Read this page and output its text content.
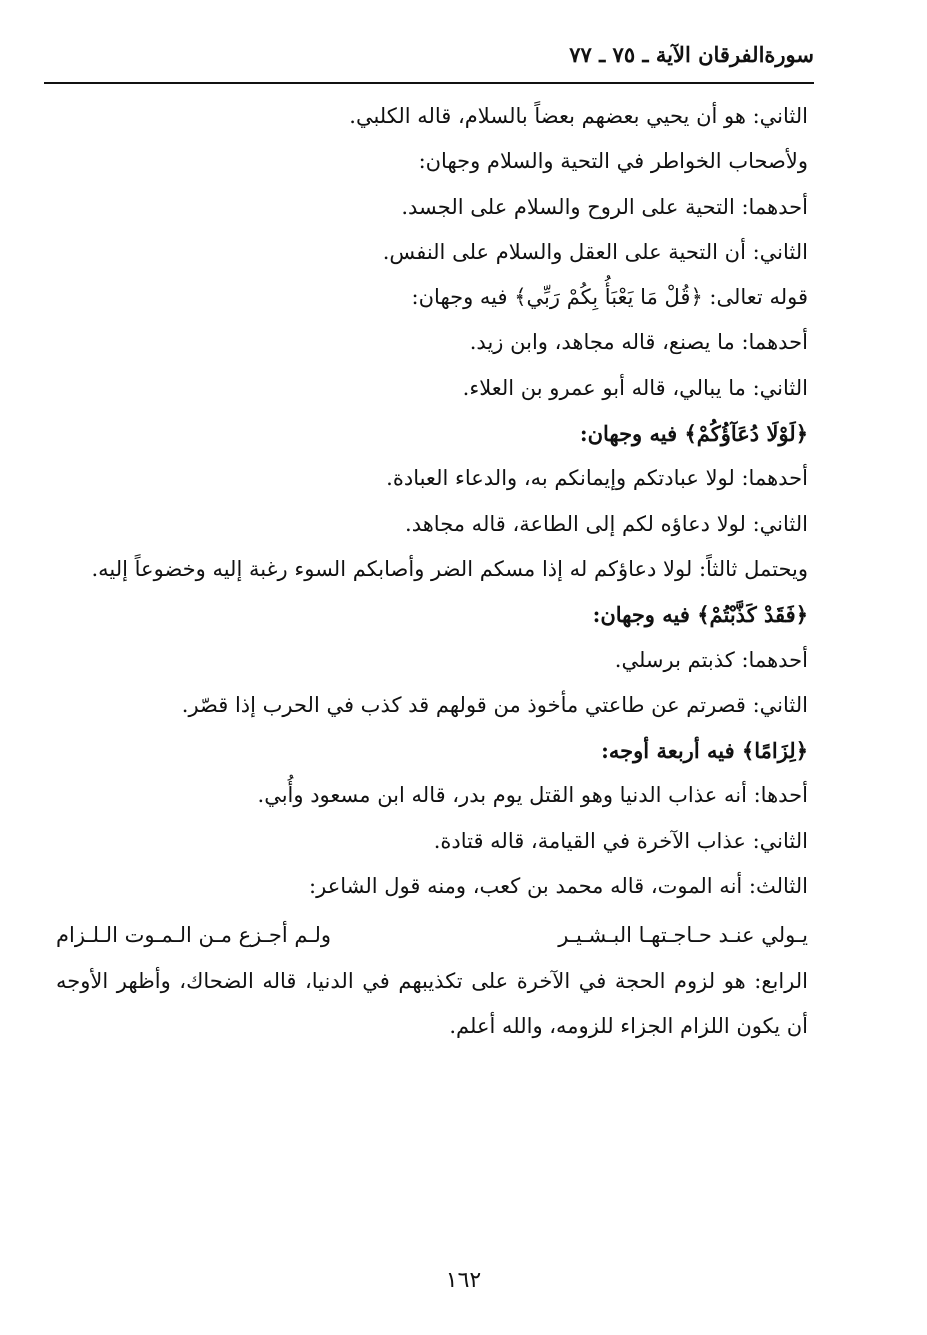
سورةالفرقان الآية ـ ٧٥ ـ ٧٧
الثاني: هو أن يحيي بعضهم بعضاً بالسلام، قاله الكلبي.
ولأصحاب الخواطر في التحية والسلام وجهان:
أحدهما: التحية على الروح والسلام على الجسد.
الثاني: أن التحية على العقل والسلام على النفس.
قوله تعالى: ﴿قُلْ مَا يَعْبَأُ بِكُمْ رَبِّي﴾ فيه وجهان:
أحدهما: ما يصنع، قاله مجاهد، وابن زيد.
الثاني: ما يبالي، قاله أبو عمرو بن العلاء.
﴿لَوْلَا دُعَآؤُكُمْ﴾ فيه وجهان:
أحدهما: لولا عبادتكم وإيمانكم به، والدعاء العبادة.
الثاني: لولا دعاؤه لكم إلى الطاعة، قاله مجاهد.
ويحتمل ثالثاً: لولا دعاؤكم له إذا مسكم الضر وأصابكم السوء رغبة إليه وخضوعاً إليه.
﴿فَقَدْ كَذَّبْتُمْ﴾ فيه وجهان:
أحدهما: كذبتم برسلي.
الثاني: قصرتم عن طاعتي مأخوذ من قولهم قد كذب في الحرب إذا قصّر.
﴿لِزَامًا﴾ فيه أربعة أوجه:
أحدها: أنه عذاب الدنيا وهو القتل يوم بدر، قاله ابن مسعود وأُبي.
الثاني: عذاب الآخرة في القيامة، قاله قتادة.
الثالث: أنه الموت، قاله محمد بن كعب، ومنه قول الشاعر:
يـولي عنـد حـاجـتهـا البـشـيـر
ولـم أجـزع مـن الـمـوت الـلـزام
الرابع: هو لزوم الحجة في الآخرة على تكذيبهم في الدنيا، قاله الضحاك، وأظهر الأوجه أن يكون اللزام الجزاء للزومه، والله أعلم.
١٦٢
